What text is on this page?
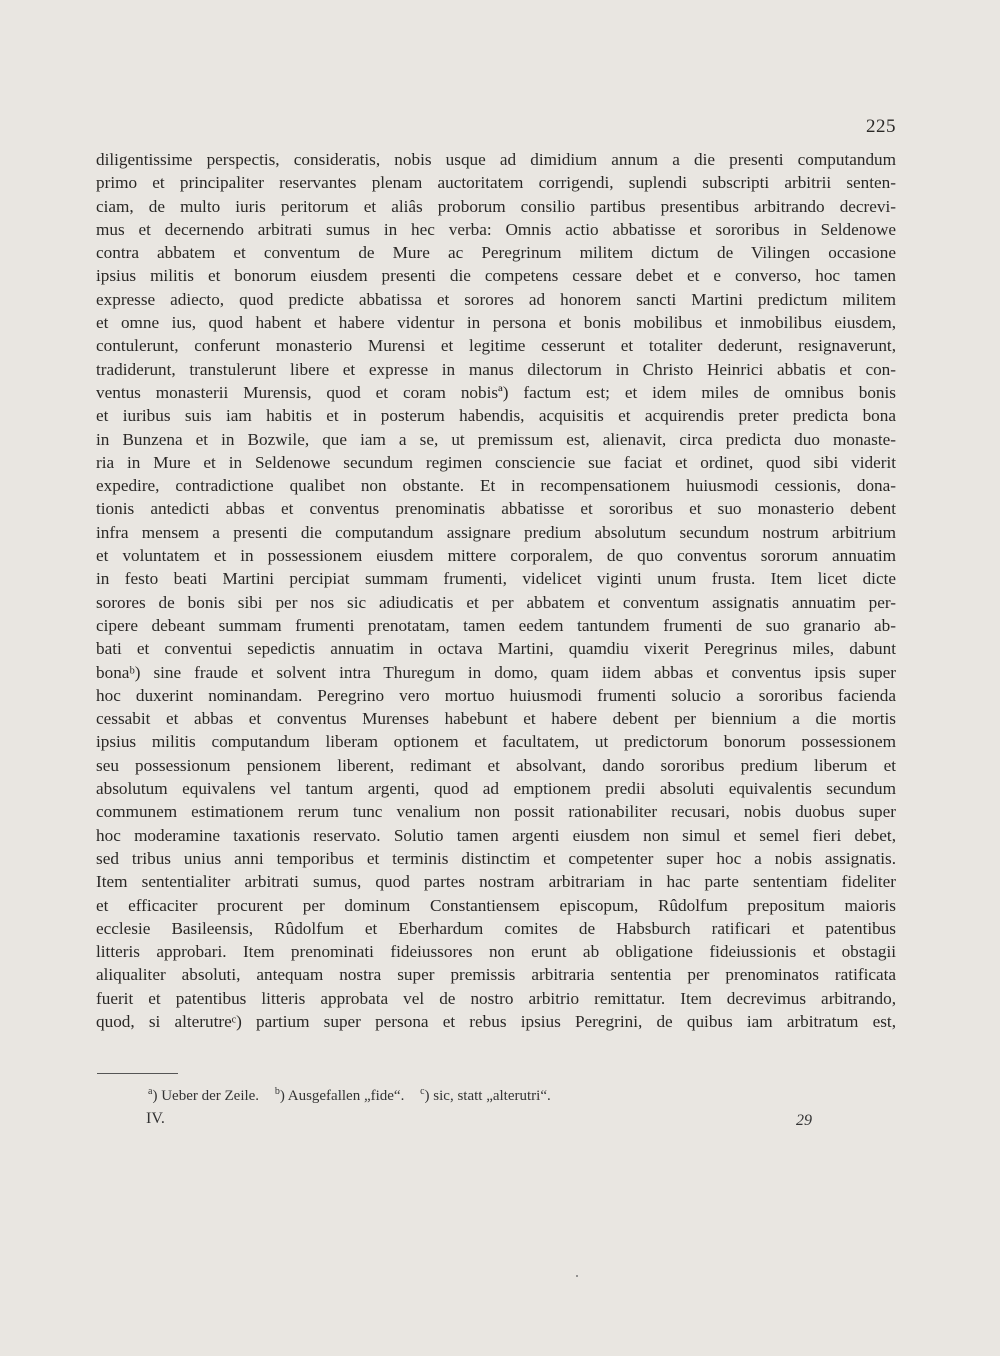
225
diligentissime perspectis, consideratis, nobis usque ad dimidium annum a die presenti computandum
primo et principaliter reservantes plenam auctoritatem corrigendi, suplendi subscripti arbitrii senten-
ciam, de multo iuris peritorum et aliâs proborum consilio partibus presentibus arbitrando decrevi-
mus et decernendo arbitrati sumus in hec verba: Omnis actio abbatisse et sororibus in Seldenowe
contra abbatem et conventum de Mure ac Peregrinum militem dictum de Vilingen occasione
ipsius militis et bonorum eiusdem presenti die competens cessare debet et e converso, hoc tamen
expresse adiecto, quod predicte abbatissa et sorores ad honorem sancti Martini predictum militem
et omne ius, quod habent et habere videntur in persona et bonis mobilibus et inmobilibus eiusdem,
contulerunt, conferunt monasterio Murensi et legitime cesserunt et totaliter dederunt, resignaverunt,
tradiderunt, transtulerunt libere et expresse in manus dilectorum in Christo Heinrici abbatis et con-
ventus monasterii Murensis, quod et coram nobisª) factum est; et idem miles de omnibus bonis
et iuribus suis iam habitis et in posterum habendis, acquisitis et acquirendis preter predicta bona
in Bunzena et in Bozwile, que iam a se, ut premissum est, alienavit, circa predicta duo monaste-
ria in Mure et in Seldenowe secundum regimen consciencie sue faciat et ordinet, quod sibi viderit
expedire, contradictione qualibet non obstante. Et in recompensationem huiusmodi cessionis, dona-
tionis antedicti abbas et conventus prenominatis abbatisse et sororibus et suo monasterio debent
infra mensem a presenti die computandum assignare predium absolutum secundum nostrum arbitrium
et voluntatem et in possessionem eiusdem mittere corporalem, de quo conventus sororum annuatim
in festo beati Martini percipiat summam frumenti, videlicet viginti unum frusta. Item licet dicte
sorores de bonis sibi per nos sic adiudicatis et per abbatem et conventum assignatis annuatim per-
cipere debeant summam frumenti prenotatam, tamen eedem tantundem frumenti de suo granario ab-
bati et conventui sepedictis annuatim in octava Martini, quamdiu vixerit Peregrinus miles, dabunt
bonaᵇ) sine fraude et solvent intra Thuregum in domo, quam iidem abbas et conventus ipsis super
hoc duxerint nominandam. Peregrino vero mortuo huiusmodi frumenti solucio a sororibus facienda
cessabit et abbas et conventus Murenses habebunt et habere debent per biennium a die mortis
ipsius militis computandum liberam optionem et facultatem, ut predictorum bonorum possessionem
seu possessionum pensionem liberent, redimant et absolvant, dando sororibus predium liberum et
absolutum equivalens vel tantum argenti, quod ad emptionem predii absoluti equivalentis secundum
communem estimationem rerum tunc venalium non possit rationabiliter recusari, nobis duobus super
hoc moderamine taxationis reservato. Solutio tamen argenti eiusdem non simul et semel fieri debet,
sed tribus unius anni temporibus et terminis distinctim et competenter super hoc a nobis assignatis.
Item sententialiter arbitrati sumus, quod partes nostram arbitrariam in hac parte sententiam fideliter
et efficaciter procurent per dominum Constantiensem episcopum, Rûdolfum prepositum maioris
ecclesie Basileensis, Rûdolfum et Eberhardum comites de Habsburch ratificari et patentibus
litteris approbari. Item prenominati fideiussores non erunt ab obligatione fideiussionis et obstagii
aliqualiter absoluti, antequam nostra super premissis arbitraria sententia per prenominatos ratificata
fuerit et patentibus litteris approbata vel de nostro arbitrio remittatur. Item decrevimus arbitrando,
quod, si alterutreᶜ) partium super persona et rebus ipsius Peregrini, de quibus iam arbitratum est,
$^a$) Ueber der Zeile. $^b$) Ausgefallen „fide“. $^c$) sic, statt „alterutri“.
IV.	29
